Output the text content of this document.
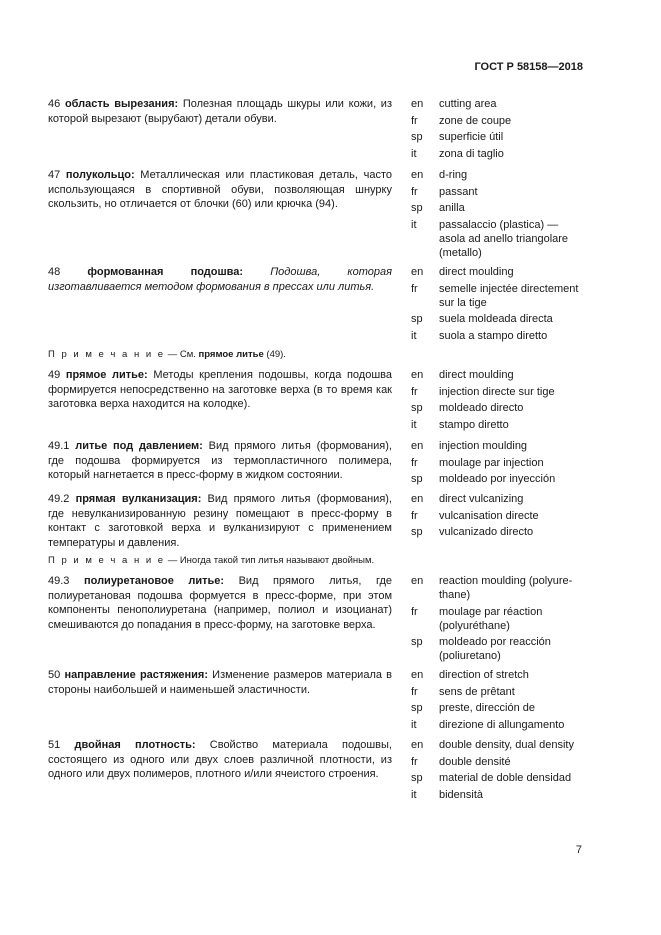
ГОСТ Р 58158—2018
46 область вырезания: Полезная площадь шкуры или кожи, из которой вырезают (вырубают) детали обуви.
en	cutting area
fr	zone de coupe
sp	superficie útil
it	zona di taglio
47 полукольцо: Металлическая или пластиковая деталь, часто использующаяся в спортивной обуви, позволяющая шнурку скользить, но отличается от блочки (60) или крючка (94).
en	d-ring
fr	passant
sp	anilla
it	passalaccio (plastica) — asola ad anello triangolare (metallo)
48 формованная подошва: Подошва, которая изготавливается методом формования в прессах или литья.
en	direct moulding
fr	semelle injectée directement sur la tige
sp	suela moldeada directa
it	suola a stampo diretto
П р и м е ч а н и е — См. прямое литье (49).
49 прямое литье: Методы крепления подошвы, когда подошва формируется непосредственно на заготовке верха (в то время как заготовка верха находится на колодке).
en	direct moulding
fr	injection directe sur tige
sp	moldeado directo
it	stampo diretto
49.1 литье под давлением: Вид прямого литья (формования), где подошва формируется из термопластичного полимера, который нагнетается в пресс-форму в жидком состоянии.
en	injection moulding
fr	moulage par injection
sp	moldeado por inyección
49.2 прямая вулканизация: Вид прямого литья (формования), где невулканизированную резину помещают в пресс-форму в контакт с заготовкой верха и вулканизируют с применением температуры и давления.
en	direct vulcanizing
fr	vulcanisation directe
sp	vulcanizado directo
П р и м е ч а н и е — Иногда такой тип литья называют двойным.
49.3 полиуретановое литье: Вид прямого литья, где полиуретановая подошва формуется в пресс-форме, при этом компоненты пенополиуретана (например, полиол и изоцианат) смешиваются до попадания в пресс-форму, на заготовке верха.
en	reaction moulding (polyure-thane)
fr	moulage par réaction (polyuréthane)
sp	moldeado por reacción (poliuretano)
50 направление растяжения: Изменение размеров материала в стороны наибольшей и наименьшей эластичности.
en	direction of stretch
fr	sens de prêtant
sp	preste, dirección de
it	direzione di allungamento
51 двойная плотность: Свойство материала подошвы, состоящего из одного или двух слоев различной плотности, из одного или двух полимеров, плотного и/или ячеистого строения.
en	double density, dual density
fr	double densité
sp	material de doble densidad
it	bidensità
7
